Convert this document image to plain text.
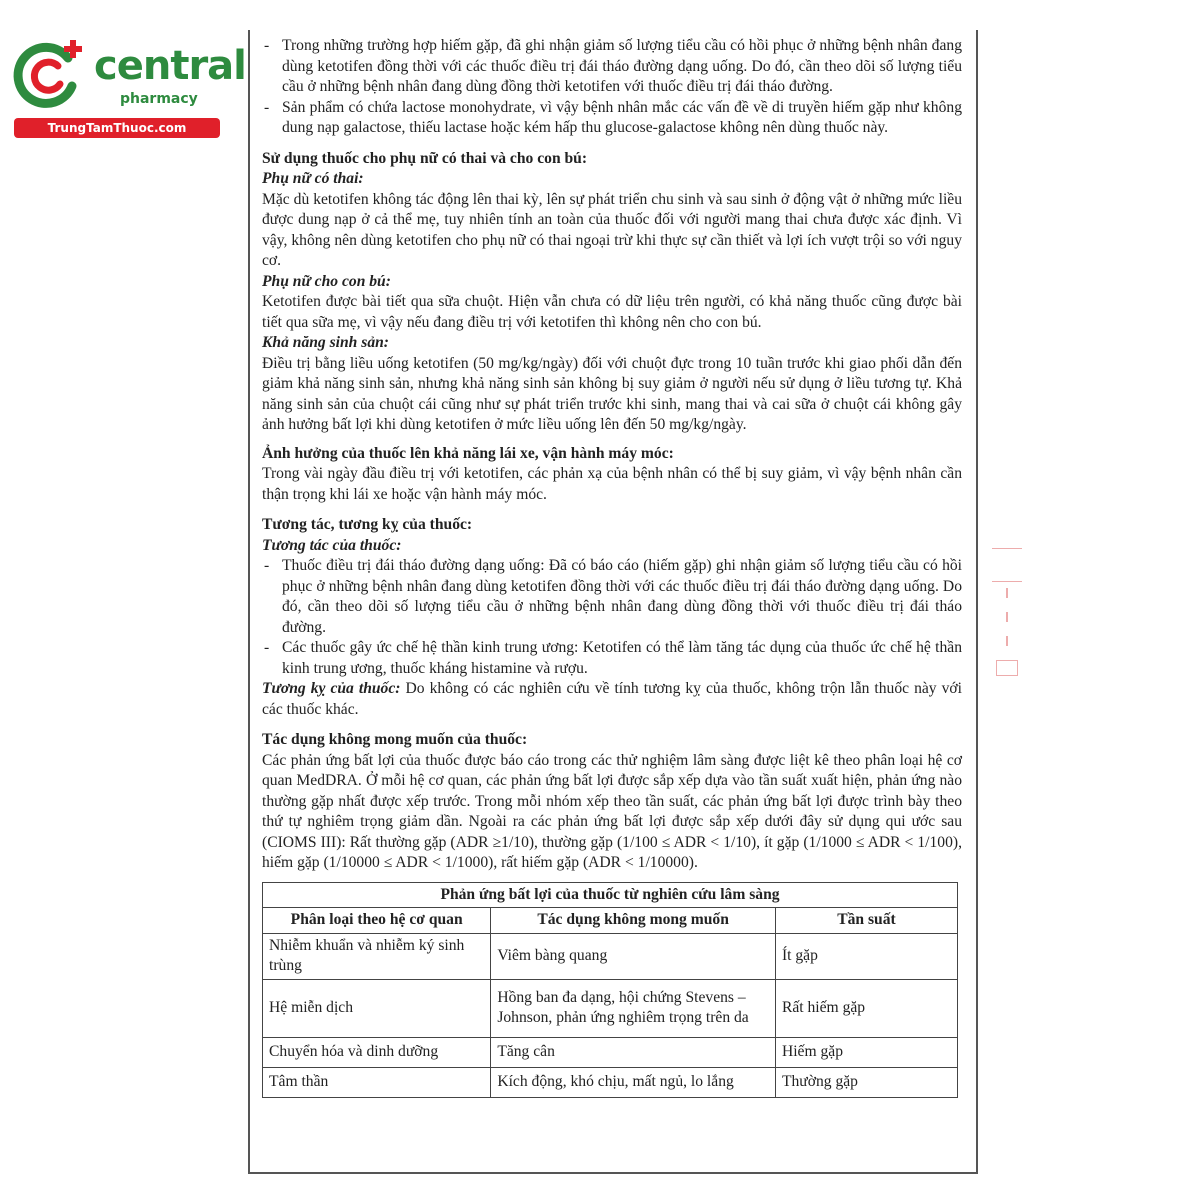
central
pharmacy
TrungTamThuoc.com
- Trong những trường hợp hiếm gặp, đã ghi nhận giảm số lượng tiểu cầu có hồi phục ở những bệnh nhân đang dùng ketotifen đồng thời với các thuốc điều trị đái tháo đường dạng uống. Do đó, cần theo dõi số lượng tiểu cầu ở những bệnh nhân đang dùng đồng thời ketotifen với thuốc điều trị đái tháo đường.
- Sản phẩm có chứa lactose monohydrate, vì vậy bệnh nhân mắc các vấn đề về di truyền hiếm gặp như không dung nạp galactose, thiếu lactase hoặc kém hấp thu glucose-galactose không nên dùng thuốc này.

Sử dụng thuốc cho phụ nữ có thai và cho con bú:

Phụ nữ có thai:

Mặc dù ketotifen không tác động lên thai kỳ, lên sự phát triển chu sinh và sau sinh ở động vật ở những mức liều được dung nạp ở cả thể mẹ, tuy nhiên tính an toàn của thuốc đối với người mang thai chưa được xác định. Vì vậy, không nên dùng ketotifen cho phụ nữ có thai ngoại trừ khi thực sự cần thiết và lợi ích vượt trội so với nguy cơ.

Phụ nữ cho con bú:

Ketotifen được bài tiết qua sữa chuột. Hiện vẫn chưa có dữ liệu trên người, có khả năng thuốc cũng được bài tiết qua sữa mẹ, vì vậy nếu đang điều trị với ketotifen thì không nên cho con bú.

Khả năng sinh sản:

Điều trị bằng liều uống ketotifen (50 mg/kg/ngày) đối với chuột đực trong 10 tuần trước khi giao phối dẫn đến giảm khả năng sinh sản, nhưng khả năng sinh sản không bị suy giảm ở người nếu sử dụng ở liều tương tự. Khả năng sinh sản của chuột cái cũng như sự phát triển trước khi sinh, mang thai và cai sữa ở chuột cái không gây ảnh hưởng bất lợi khi dùng ketotifen ở mức liều uống lên đến 50 mg/kg/ngày.

Ảnh hưởng của thuốc lên khả năng lái xe, vận hành máy móc:

Trong vài ngày đầu điều trị với ketotifen, các phản xạ của bệnh nhân có thể bị suy giảm, vì vậy bệnh nhân cần thận trọng khi lái xe hoặc vận hành máy móc.

Tương tác, tương kỵ của thuốc:

Tương tác của thuốc:

- Thuốc điều trị đái tháo đường dạng uống: Đã có báo cáo (hiếm gặp) ghi nhận giảm số lượng tiểu cầu có hồi phục ở những bệnh nhân đang dùng ketotifen đồng thời với các thuốc điều trị đái tháo đường dạng uống. Do đó, cần theo dõi số lượng tiểu cầu ở những bệnh nhân đang dùng đồng thời với thuốc điều trị đái tháo đường.
- Các thuốc gây ức chế hệ thần kinh trung ương: Ketotifen có thể làm tăng tác dụng của thuốc ức chế hệ thần kinh trung ương, thuốc kháng histamine và rượu.

Tương kỵ của thuốc: Do không có các nghiên cứu về tính tương kỵ của thuốc, không trộn lẫn thuốc này với các thuốc khác.

Tác dụng không mong muốn của thuốc:

Các phản ứng bất lợi của thuốc được báo cáo trong các thử nghiệm lâm sàng được liệt kê theo phân loại hệ cơ quan MedDRA. Ở mỗi hệ cơ quan, các phản ứng bất lợi được sắp xếp dựa vào tần suất xuất hiện, phản ứng nào thường gặp nhất được xếp trước. Trong mỗi nhóm xếp theo tần suất, các phản ứng bất lợi được trình bày theo thứ tự nghiêm trọng giảm dần. Ngoài ra các phản ứng bất lợi được sắp xếp dưới đây sử dụng qui ước sau (CIOMS III): Rất thường gặp (ADR ≥1/10), thường gặp (1/100 ≤ ADR < 1/10), ít gặp (1/1000 ≤ ADR < 1/100), hiếm gặp (1/10000 ≤ ADR < 1/1000), rất hiếm gặp (ADR < 1/10000).

Phản ứng bất lợi của thuốc từ nghiên cứu lâm sàng		
Phân loại theo hệ cơ quan	Tác dụng không mong muốn	Tần suất
Nhiễm khuẩn và nhiễm ký sinh trùng	Viêm bàng quang	Ít gặp
Hệ miễn dịch	Hồng ban đa dạng, hội chứng Stevens – Johnson, phản ứng nghiêm trọng trên da	Rất hiếm gặp
Chuyển hóa và dinh dưỡng	Tăng cân	Hiếm gặp
Tâm thần	Kích động, khó chịu, mất ngủ, lo lắng	Thường gặp
